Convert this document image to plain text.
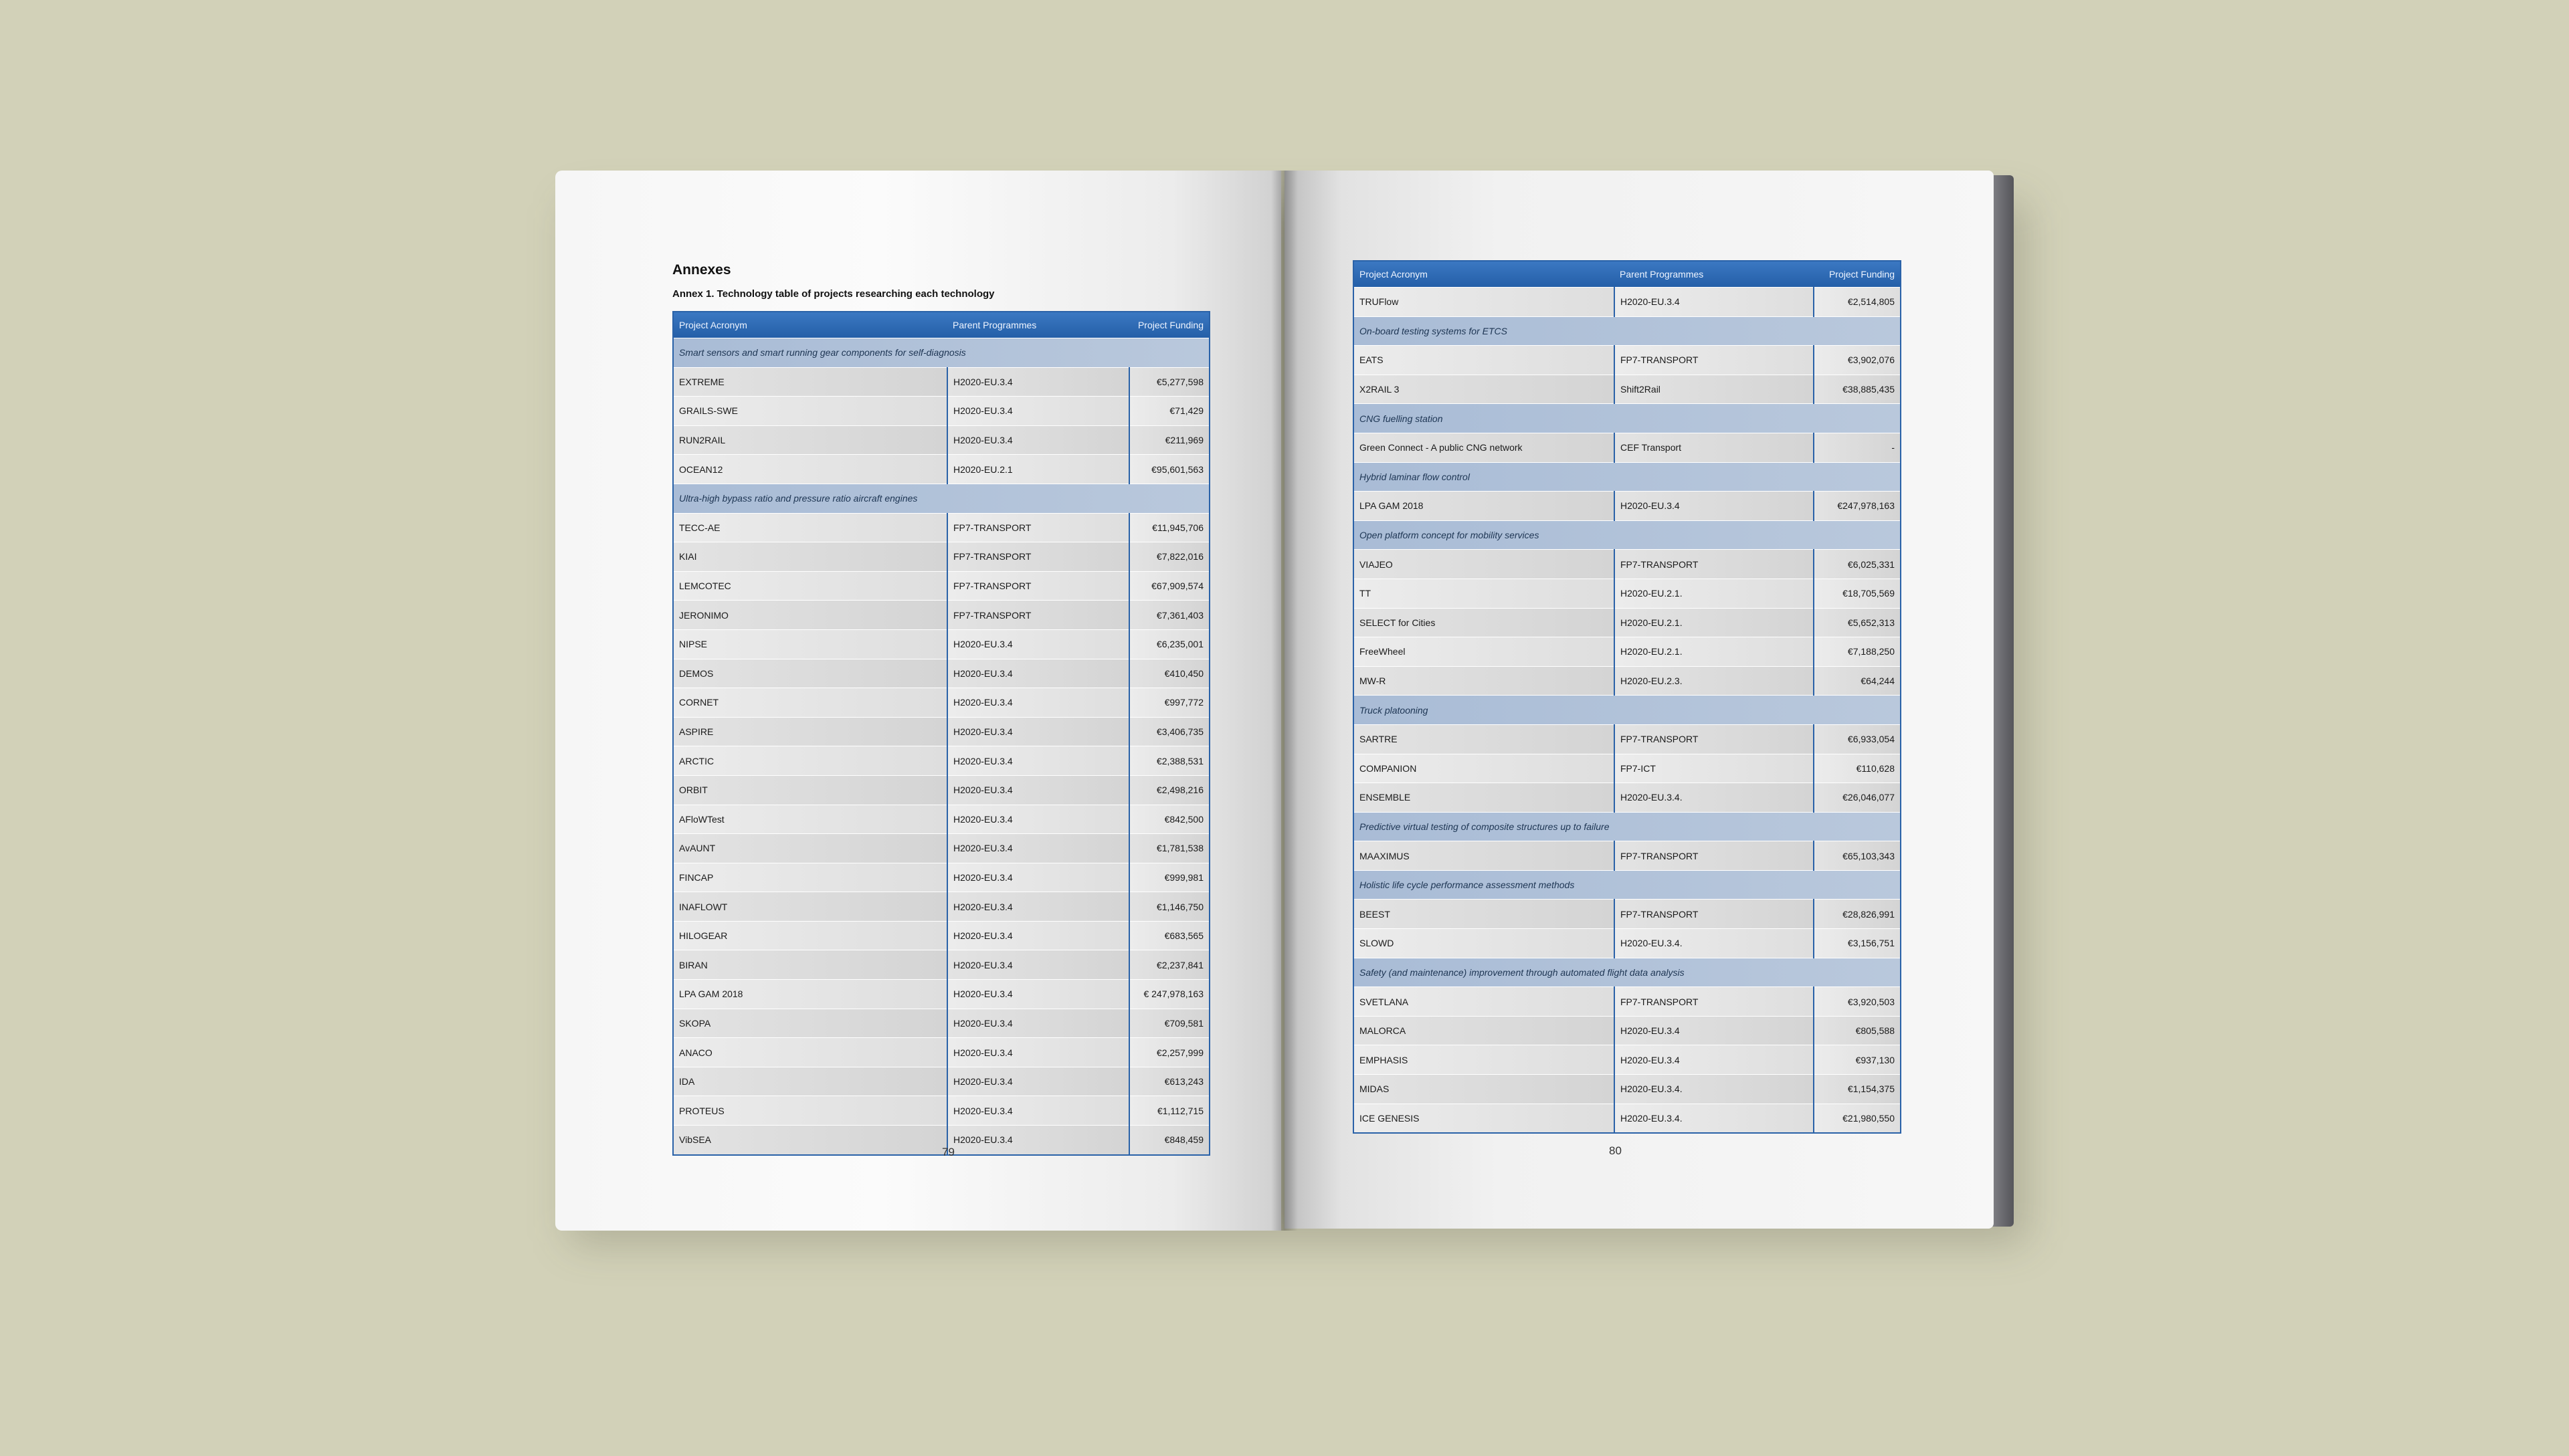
Annexes
Annex 1. Technology table of projects researching each technology
Project Acronym	Parent Programmes	Project Funding
Smart sensors and smart running gear components for self-diagnosis		
EXTREME	H2020-EU.3.4	€5,277,598
GRAILS-SWE	H2020-EU.3.4	€71,429
RUN2RAIL	H2020-EU.3.4	€211,969
OCEAN12	H2020-EU.2.1	€95,601,563
Ultra-high bypass ratio and pressure ratio aircraft engines		
TECC-AE	FP7-TRANSPORT	€11,945,706
KIAI	FP7-TRANSPORT	€7,822,016
LEMCOTEC	FP7-TRANSPORT	€67,909,574
JERONIMO	FP7-TRANSPORT	€7,361,403
NIPSE	H2020-EU.3.4	€6,235,001
DEMOS	H2020-EU.3.4	€410,450
CORNET	H2020-EU.3.4	€997,772
ASPIRE	H2020-EU.3.4	€3,406,735
ARCTIC	H2020-EU.3.4	€2,388,531
ORBIT	H2020-EU.3.4	€2,498,216
AFloWTest	H2020-EU.3.4	€842,500
AvAUNT	H2020-EU.3.4	€1,781,538
FINCAP	H2020-EU.3.4	€999,981
INAFLOWT	H2020-EU.3.4	€1,146,750
HILOGEAR	H2020-EU.3.4	€683,565
BIRAN	H2020-EU.3.4	€2,237,841
LPA GAM 2018	H2020-EU.3.4	€ 247,978,163
SKOPA	H2020-EU.3.4	€709,581
ANACO	H2020-EU.3.4	€2,257,999
IDA	H2020-EU.3.4	€613,243
PROTEUS	H2020-EU.3.4	€1,112,715
VibSEA	H2020-EU.3.4	€848,459
79
Project Acronym	Parent Programmes	Project Funding
TRUFlow	H2020-EU.3.4	€2,514,805
On-board testing systems for ETCS		
EATS	FP7-TRANSPORT	€3,902,076
X2RAIL 3	Shift2Rail	€38,885,435
CNG fuelling station		
Green Connect - A public CNG network	CEF Transport	-
Hybrid laminar flow control		
LPA GAM 2018	H2020-EU.3.4	€247,978,163
Open platform concept for mobility services		
VIAJEO	FP7-TRANSPORT	€6,025,331
TT	H2020-EU.2.1.	€18,705,569
SELECT for Cities	H2020-EU.2.1.	€5,652,313
FreeWheel	H2020-EU.2.1.	€7,188,250
MW-R	H2020-EU.2.3.	€64,244
Truck platooning		
SARTRE	FP7-TRANSPORT	€6,933,054
COMPANION	FP7-ICT	€110,628
ENSEMBLE	H2020-EU.3.4.	€26,046,077
Predictive virtual testing of composite structures up to failure		
MAAXIMUS	FP7-TRANSPORT	€65,103,343
Holistic life cycle performance assessment methods		
BEEST	FP7-TRANSPORT	€28,826,991
SLOWD	H2020-EU.3.4.	€3,156,751
Safety (and maintenance) improvement through automated flight data analysis		
SVETLANA	FP7-TRANSPORT	€3,920,503
MALORCA	H2020-EU.3.4	€805,588
EMPHASIS	H2020-EU.3.4	€937,130
MIDAS	H2020-EU.3.4.	€1,154,375
ICE GENESIS	H2020-EU.3.4.	€21,980,550
80
